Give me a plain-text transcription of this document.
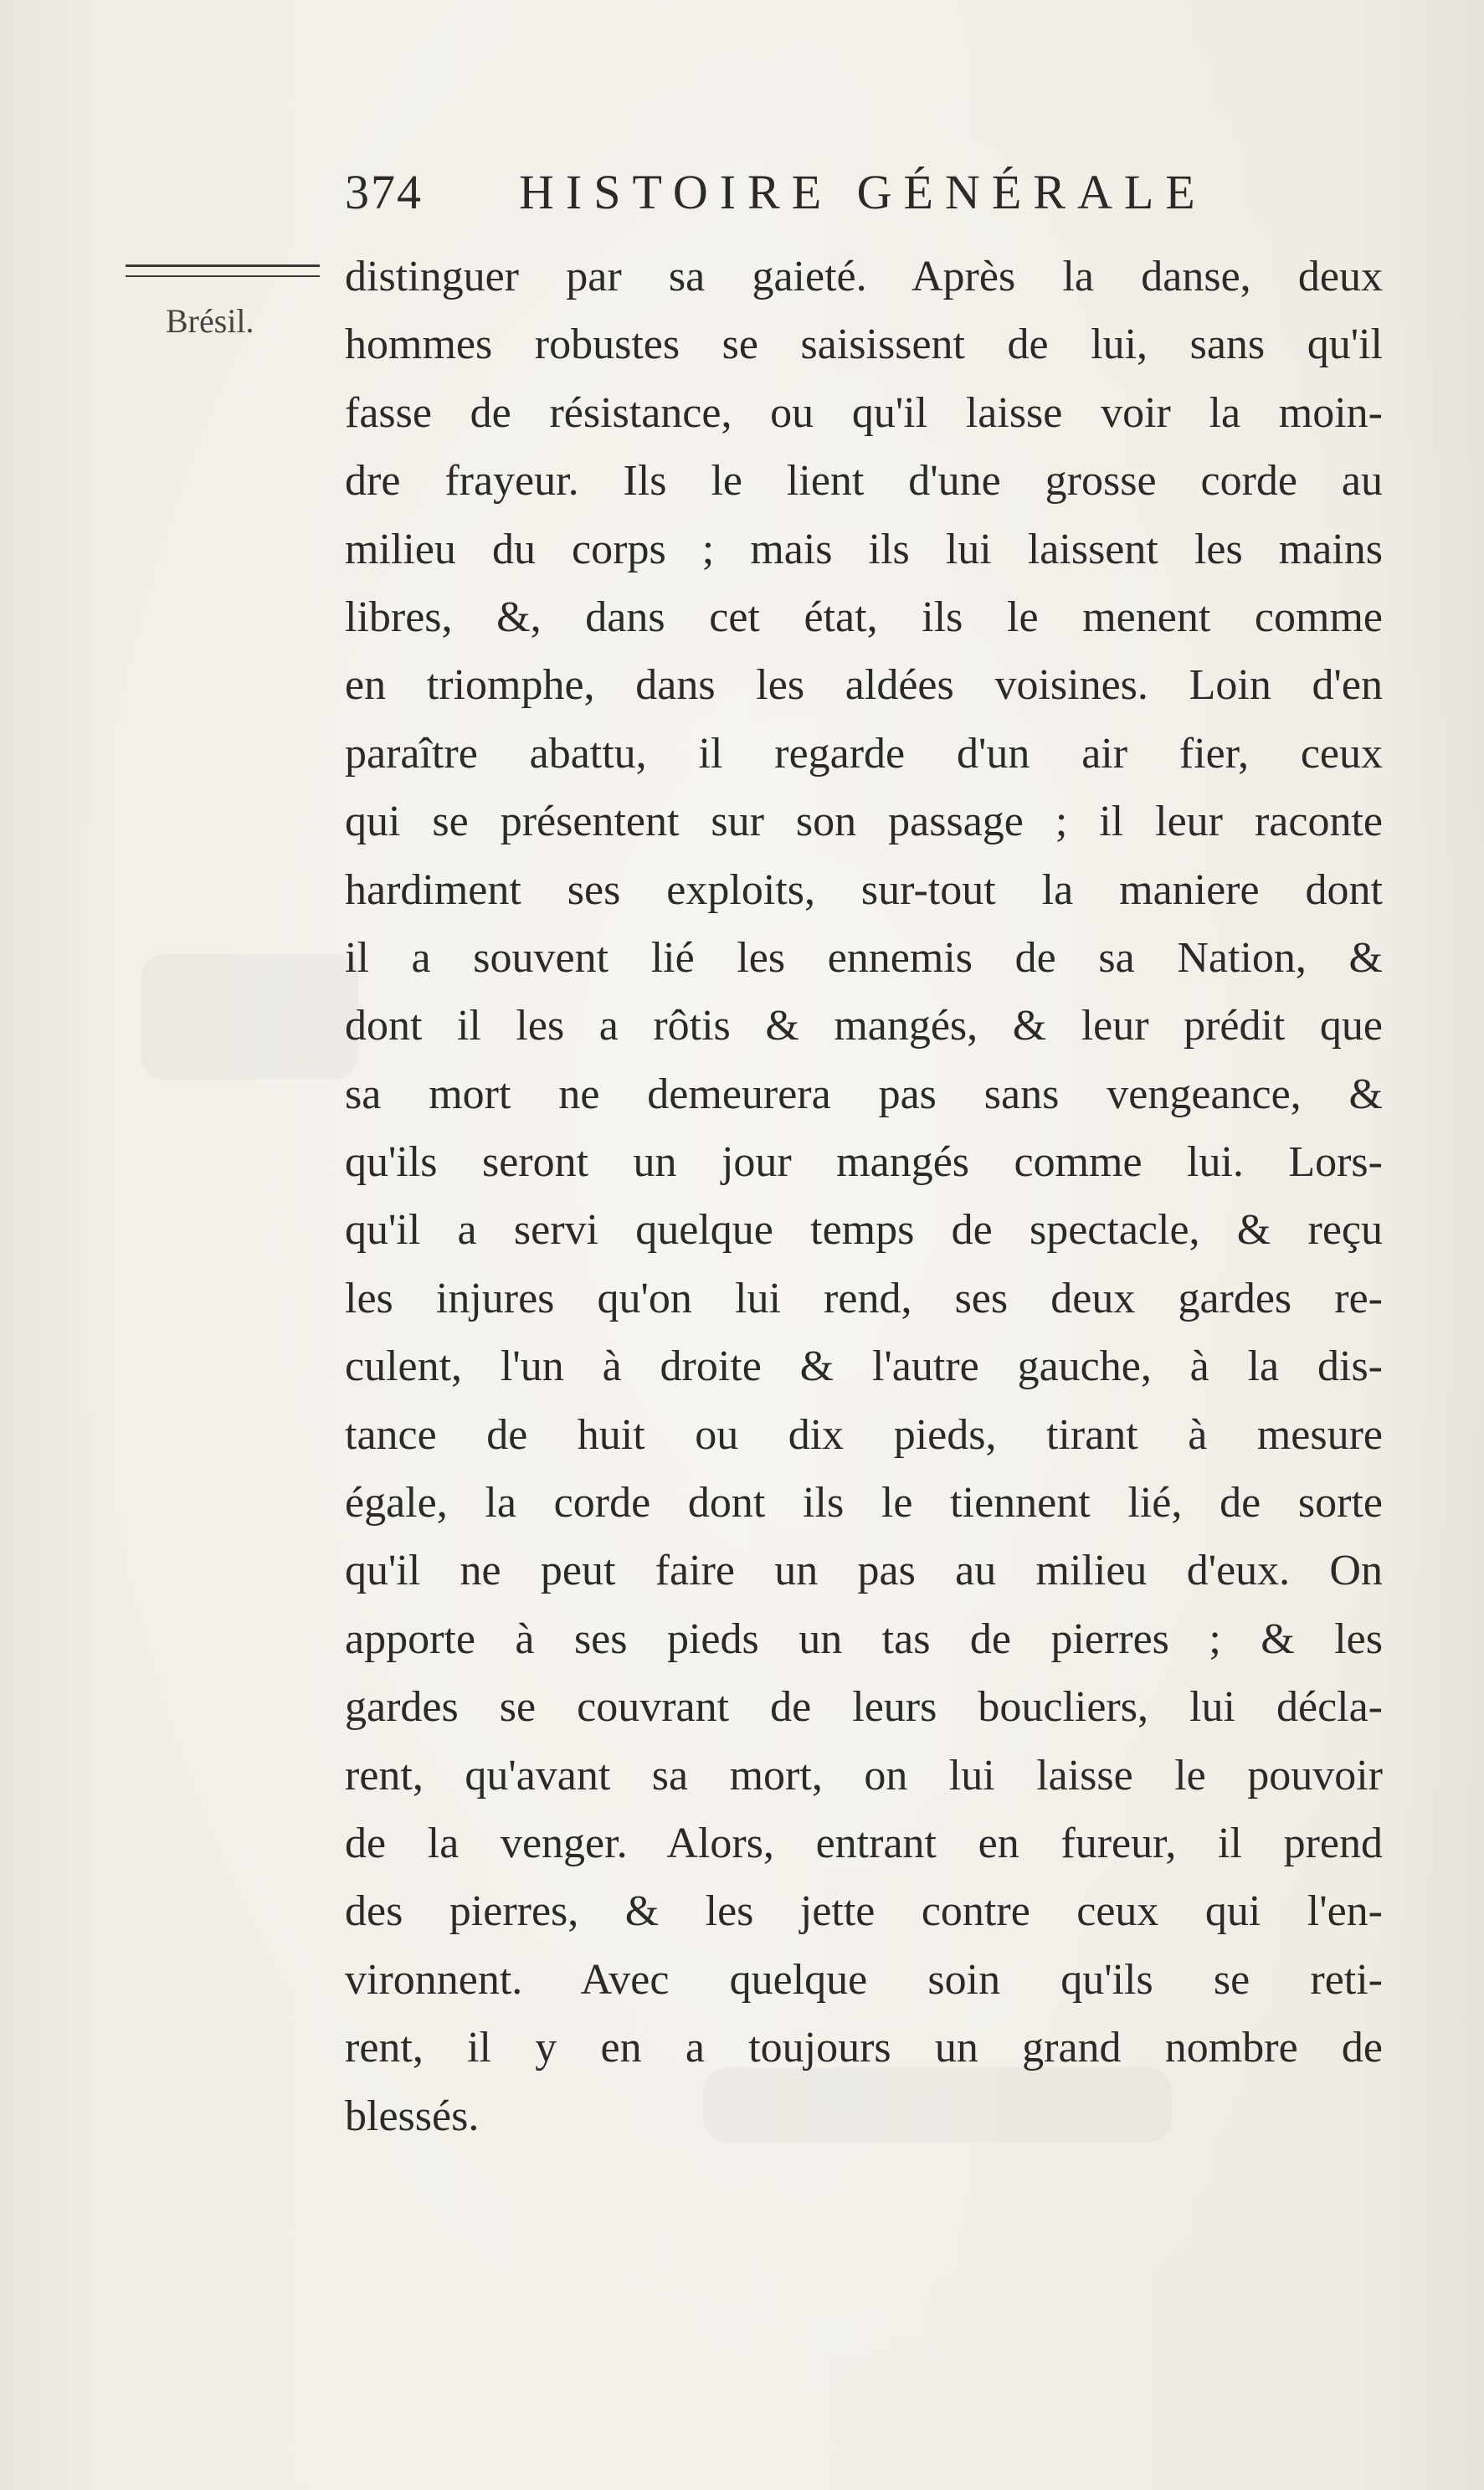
374 HISTOIRE GÉNÉRALE
Brésil.
distinguer par sa gaieté. Après la danse, deux
hommes robustes se saisissent de lui, sans qu'il
fasse de résistance, ou qu'il laisse voir la moin-
dre frayeur. Ils le lient d'une grosse corde au
milieu du corps ; mais ils lui laissent les mains
libres, &, dans cet état, ils le menent comme
en triomphe, dans les aldées voisines. Loin d'en
paraître abattu, il regarde d'un air fier, ceux
qui se présentent sur son passage ; il leur raconte
hardiment ses exploits, sur-tout la maniere dont
il a souvent lié les ennemis de sa Nation, &
dont il les a rôtis & mangés, & leur prédit que
sa mort ne demeurera pas sans vengeance, &
qu'ils seront un jour mangés comme lui. Lors-
qu'il a servi quelque temps de spectacle, & reçu
les injures qu'on lui rend, ses deux gardes re-
culent, l'un à droite & l'autre gauche, à la dis-
tance de huit ou dix pieds, tirant à mesure
égale, la corde dont ils le tiennent lié, de sorte
qu'il ne peut faire un pas au milieu d'eux. On
apporte à ses pieds un tas de pierres ; & les
gardes se couvrant de leurs boucliers, lui décla-
rent, qu'avant sa mort, on lui laisse le pouvoir
de la venger. Alors, entrant en fureur, il prend
des pierres, & les jette contre ceux qui l'en-
vironnent. Avec quelque soin qu'ils se reti-
rent, il y en a toujours un grand nombre de
blessés.
